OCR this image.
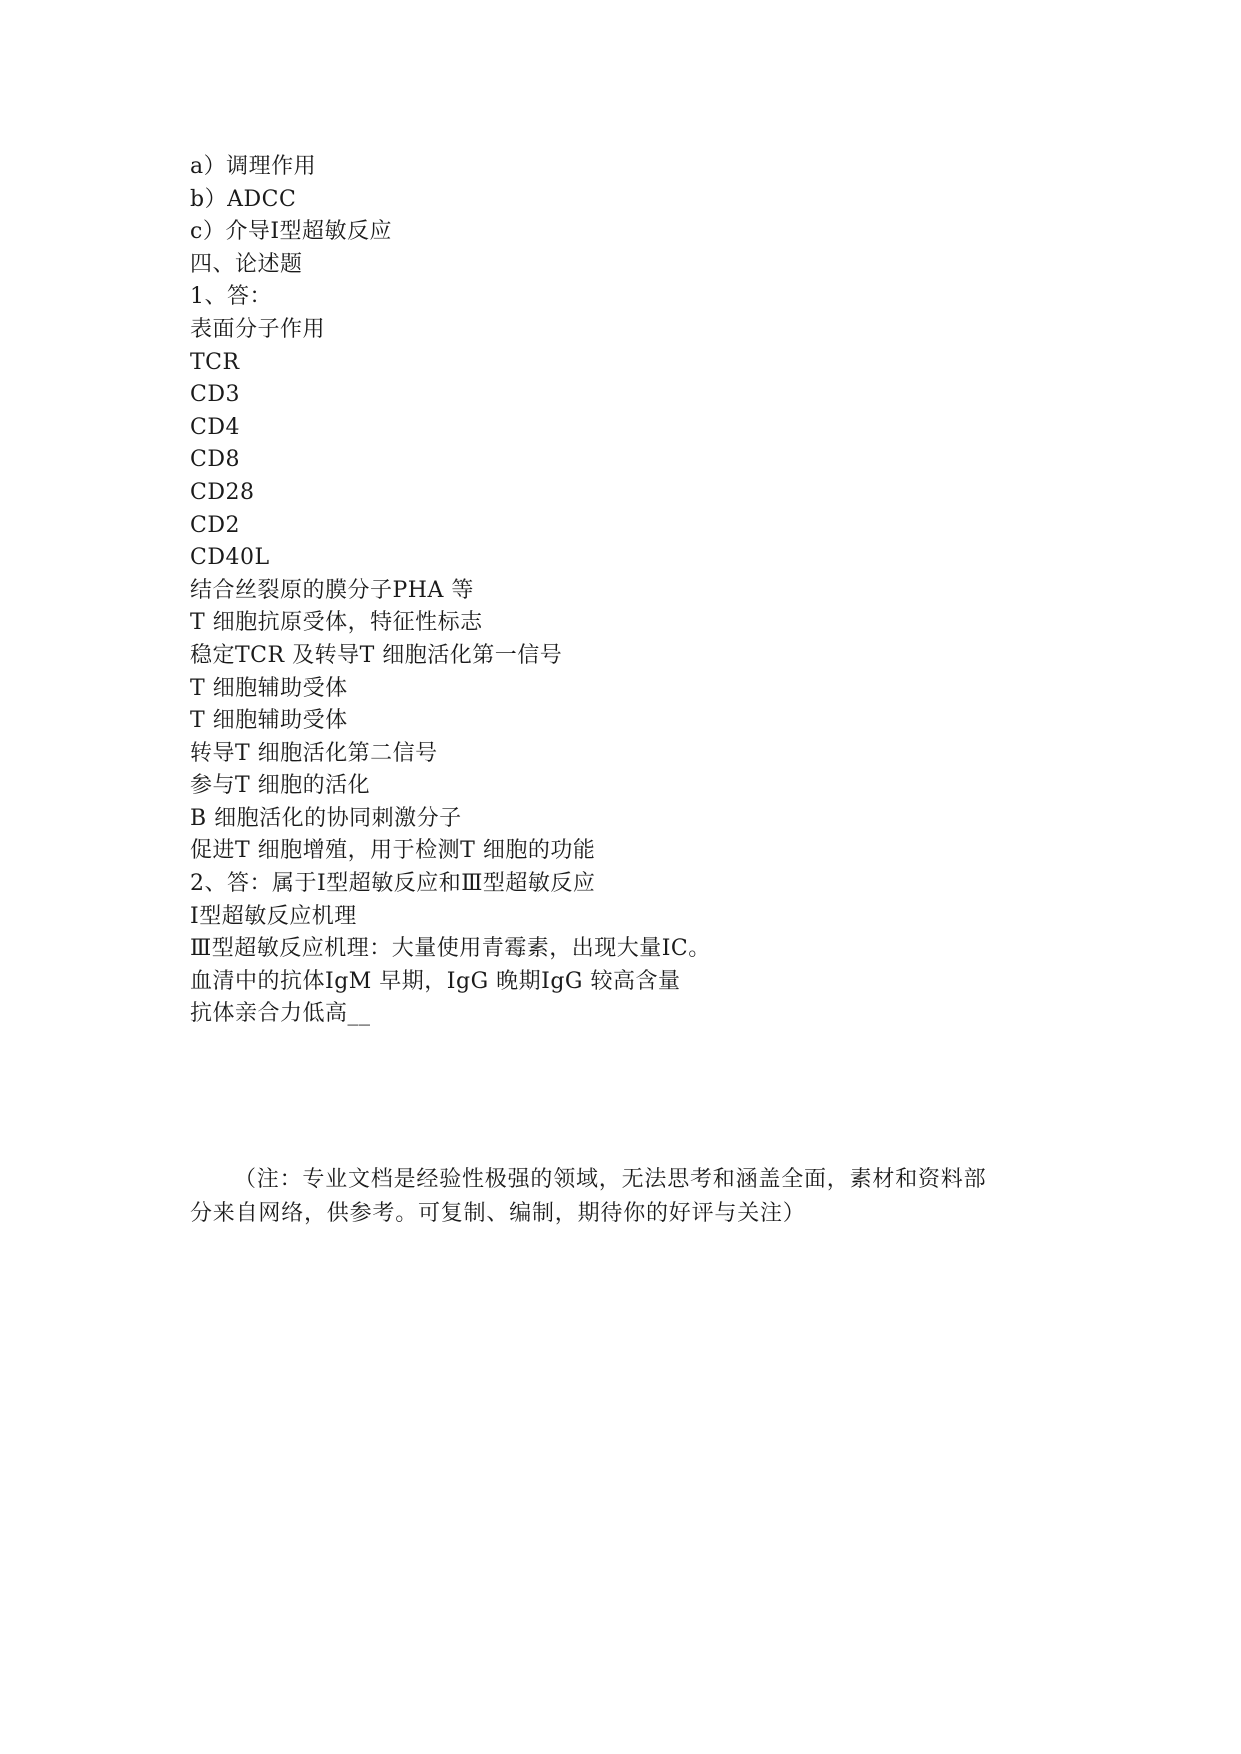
a）调理作用
b）ADCC
c）介导Ⅰ型超敏反应
四、论述题
1、答：
表面分子作用
TCR
CD3
CD4
CD8
CD28
CD2
CD40L
结合丝裂原的膜分子PHA 等
T 细胞抗原受体，特征性标志
稳定TCR 及转导T 细胞活化第一信号
T 细胞辅助受体
T 细胞辅助受体
转导T 细胞活化第二信号
参与T 细胞的活化
B 细胞活化的协同刺激分子
促进T 细胞增殖，用于检测T 细胞的功能
2、答：属于Ⅰ型超敏反应和Ⅲ型超敏反应
Ⅰ型超敏反应机理
Ⅲ型超敏反应机理：大量使用青霉素，出现大量IC。
血清中的抗体IgM 早期，IgG 晚期IgG 较高含量
抗体亲合力低高__
（注：专业文档是经验性极强的领域，无法思考和涵盖全面，素材和资料部
分来自网络，供参考。可复制、编制，期待你的好评与关注）
